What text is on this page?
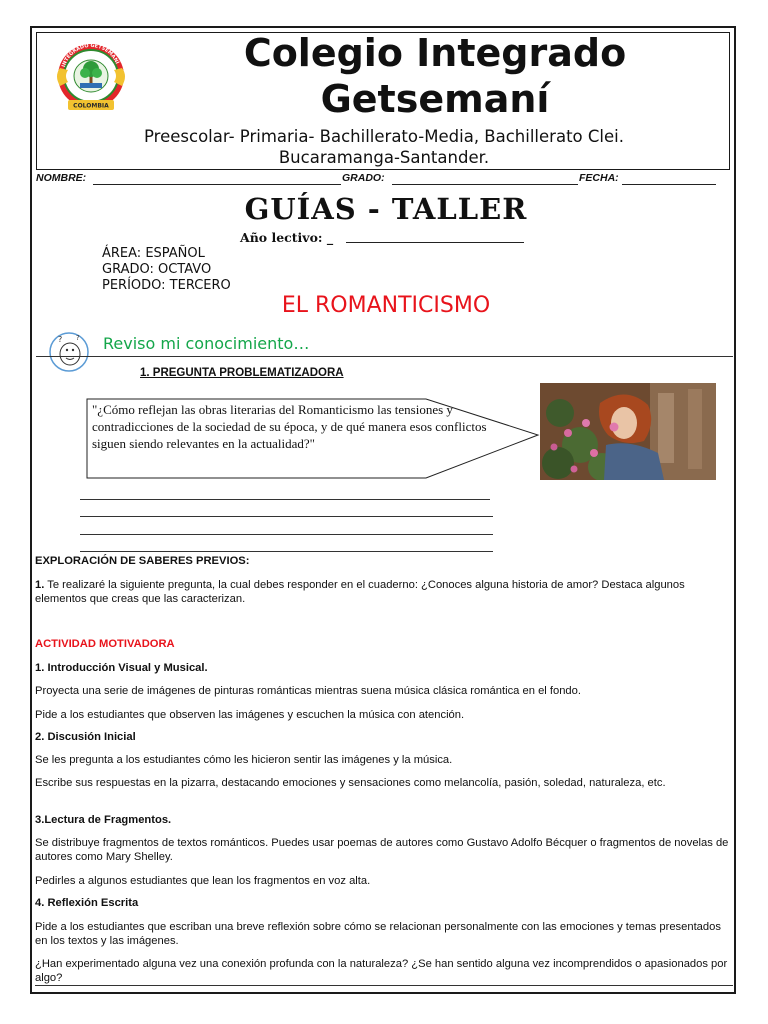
INTEGRADO GETSEMANÍ
COLOMBIA
Colegio Integrado
Getsemaní
Preescolar- Primaria- Bachillerato-Media, Bachillerato Clei.
Bucaramanga-Santander.
NOMBRE:	GRADO:	FECHA:
GUÍAS - TALLER
Año lectivo: _
ÁREA: ESPAÑOL
GRADO: OCTAVO
PERÍODO: TERCERO
EL ROMANTICISMO
? ? Reviso mi conocimiento…
1. PREGUNTA PROBLEMATIZADORA
"¿Cómo reflejan las obras literarias del Romanticismo las tensiones y contradicciones de la sociedad de su época, y de qué manera esos conflictos siguen siendo relevantes en la actualidad?"
EXPLORACIÓN DE SABERES PREVIOS:
1. Te realizaré la siguiente pregunta, la cual debes responder en el cuaderno: ¿Conoces alguna historia de amor? Destaca algunos elementos que creas que las caracterizan.
ACTIVIDAD MOTIVADORA
1. Introducción Visual y Musical.
Proyecta una serie de imágenes de pinturas románticas mientras suena música clásica romántica en el fondo.
Pide a los estudiantes que observen las imágenes y escuchen la música con atención.
2. Discusión Inicial
Se les pregunta a los estudiantes cómo les hicieron sentir las imágenes y la música.
Escribe sus respuestas en la pizarra, destacando emociones y sensaciones como melancolía, pasión, soledad, naturaleza, etc.
3.Lectura de Fragmentos.
Se distribuye fragmentos de textos románticos. Puedes usar poemas de autores como Gustavo Adolfo Bécquer o fragmentos de novelas de autores como Mary Shelley.
Pedirles a algunos estudiantes que lean los fragmentos en voz alta.
4. Reflexión Escrita
Pide a los estudiantes que escriban una breve reflexión sobre cómo se relacionan personalmente con las emociones y temas presentados en los textos y las imágenes.
¿Han experimentado alguna vez una conexión profunda con la naturaleza? ¿Se han sentido alguna vez incomprendidos o apasionados por algo?
